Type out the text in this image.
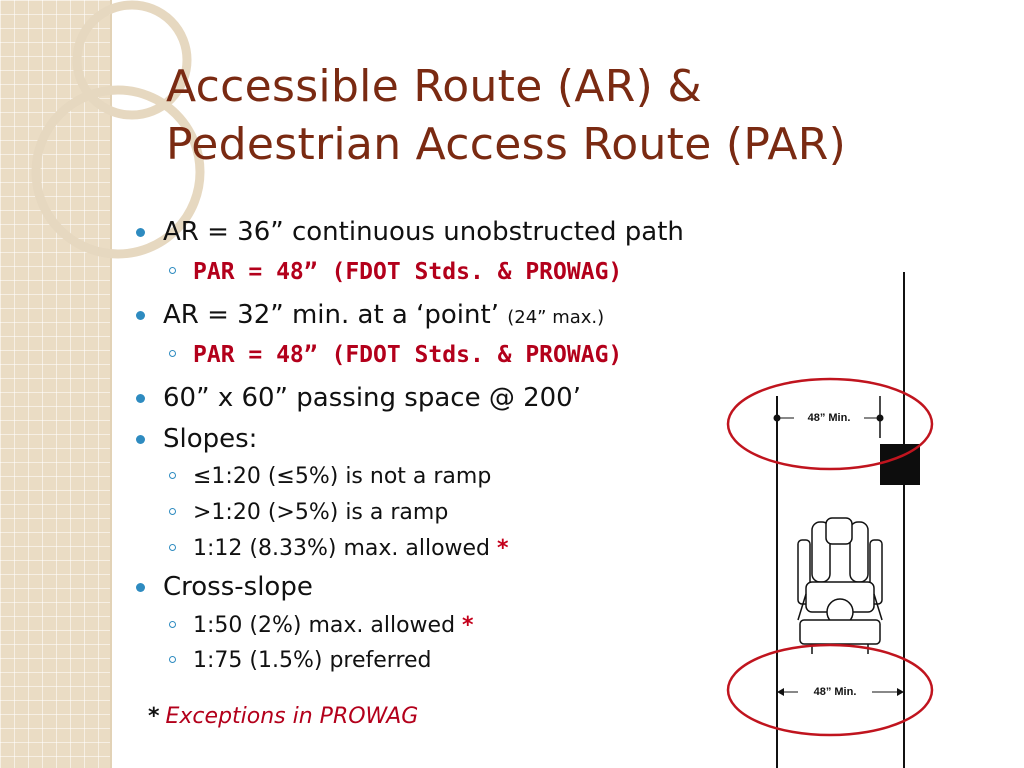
Accessible Route (AR) &
Pedestrian Access Route (PAR)
AR = 36” continuous unobstructed path
PAR = 48” (FDOT Stds. & PROWAG)
AR = 32” min. at a ‘point’ (24” max.)
PAR = 48” (FDOT Stds. & PROWAG)
60” x 60” passing space @ 200’
Slopes:
≤1:20 (≤5%) is not a ramp
>1:20 (>5%) is a ramp
1:12 (8.33%) max. allowed *
Cross-slope
1:50 (2%) max. allowed *
1:75 (1.5%) preferred
* Exceptions in PROWAG
48” Min.
48” Min.
